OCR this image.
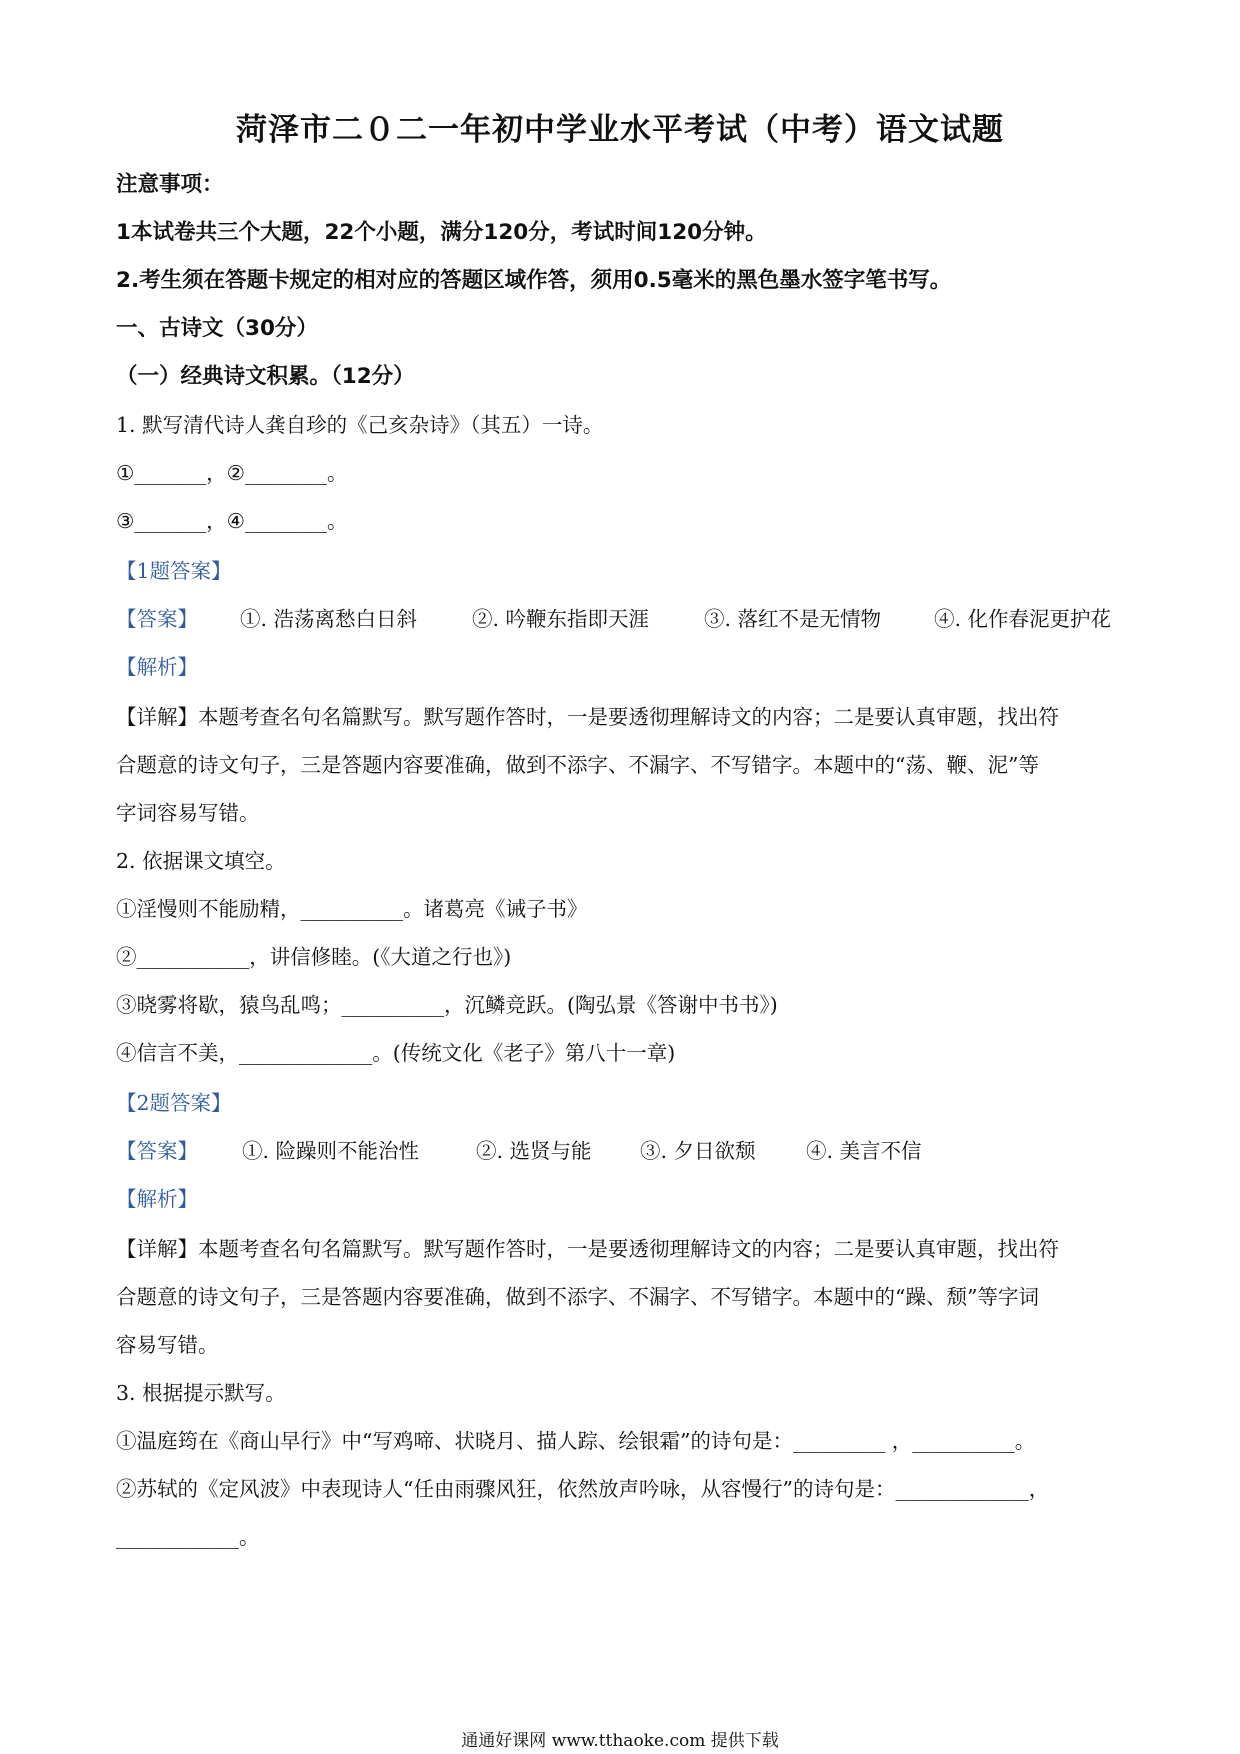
菏泽市二０二一年初中学业水平考试（中考）语文试题
注意事项：
1本试卷共三个大题，22个小题，满分120分，考试时间120分钟。
2.考生须在答题卡规定的相对应的答题区域作答，须用0.5毫米的黑色墨水签字笔书写。
一、古诗文（30分）
（一）经典诗文积累。（12分）
1. 默写清代诗人龚自珍的《己亥杂诗》（其五）一诗。
①_______，②________。
③_______，④________。
【1题答案】
【答案】 ①. 浩荡离愁白日斜	②. 吟鞭东指即天涯	③. 落红不是无情物	④. 化作春泥更护花
【解析】
【详解】本题考查名句名篇默写。默写题作答时，一是要透彻理解诗文的内容；二是要认真审题，找出符
合题意的诗文句子，三是答题内容要准确，做到不添字、不漏字、不写错字。本题中的“荡、鞭、泥”等
字词容易写错。
2. 依据课文填空。
①淫慢则不能励精，__________。诸葛亮《诫子书》
②___________，讲信修睦。(《大道之行也》)
③晓雾将歇，猿鸟乱鸣；__________，沉鳞竞跃。(陶弘景《答谢中书书》)
④信言不美，_____________。(传统文化《老子》第八十一章)
【2题答案】
【答案】 ①. 险躁则不能治性	②. 选贤与能 ③. 夕日欲颓 ④. 美言不信
【解析】
【详解】本题考查名句名篇默写。默写题作答时，一是要透彻理解诗文的内容；二是要认真审题，找出符
合题意的诗文句子，三是答题内容要准确，做到不添字、不漏字、不写错字。本题中的“躁、颓”等字词
容易写错。
3. 根据提示默写。
①温庭筠在《商山早行》中“写鸡啼、状晓月、描人踪、绘银霜”的诗句是：_________ ，__________。
②苏轼的《定风波》中表现诗人“任由雨骤风狂，依然放声吟咏，从容慢行”的诗句是：_____________，
____________。
通通好课网 www.tthaoke.com 提供下载
